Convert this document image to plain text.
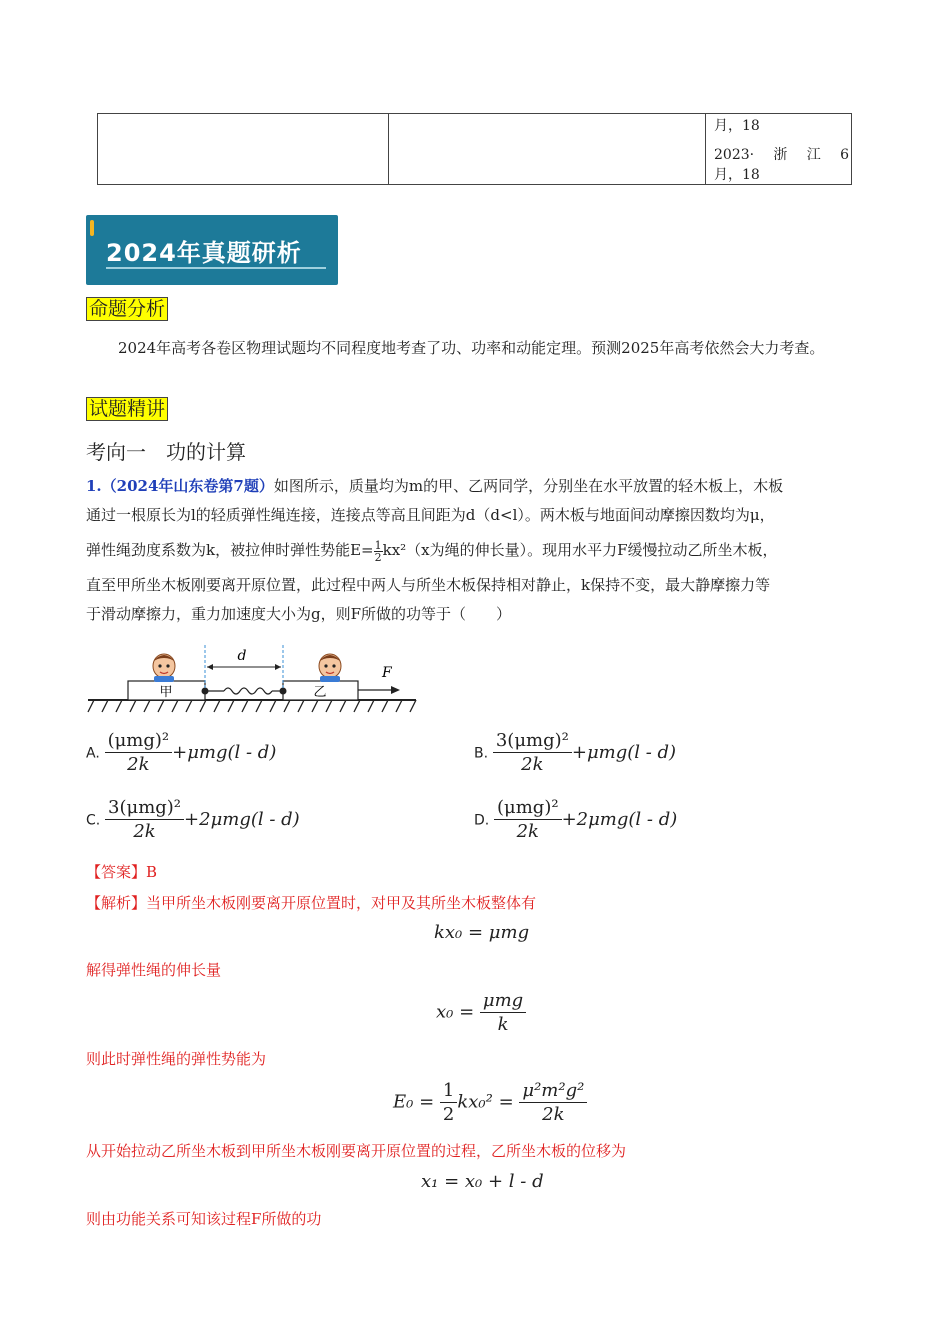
月，18
2023· 浙 江 6
月，18
2024年真题研析
命题分析
2024年高考各卷区物理试题均不同程度地考查了功、功率和动能定理。预测2025年高考依然会大力考查。
试题精讲
考向一　功的计算
1.（2024年山东卷第7题）如图所示，质量均为m的甲、乙两同学，分别坐在水平放置的轻木板上，木板
通过一根原长为l的轻质弹性绳连接，连接点等高且间距为d（d<l）。两木板与地面间动摩擦因数均为μ，
弹性绳劲度系数为k，被拉伸时弹性势能$E= \frac{1}{2} kx^2(x$为绳的伸长量）。现用水平力F缓慢拉动乙所坐木板，
直至甲所坐木板刚要离开原位置，此过程中两人与所坐木板保持相对静止，k保持不变，最大静摩擦力等
于滑动摩擦力，重力加速度大小为g，则F所做的功等于（　　）
甲	乙
d
F
A.
(μmg)²
2k
+μmg(l - d)	B.
3(μmg)²
2k
+μmg(l - d)
C.
3(μmg)²
2k
+2μmg(l - d)	D.
(μmg)²
2k
+2μmg(l - d)
【答案】B
【解析】当甲所坐木板刚要离开原位置时，对甲及其所坐木板整体有
kx₀ = μmg
解得弹性绳的伸长量
x₀ =
μmg
k
则此时弹性绳的弹性势能为
$E_0 = \frac{1}{2} kx_0^2 = \frac{\text{μ²m²g²}}{2k}$
从开始拉动乙所坐木板到甲所坐木板刚要离开原位置的过程，乙所坐木板的位移为
x₁ = x₀ + l - d
则由功能关系可知该过程F所做的功
